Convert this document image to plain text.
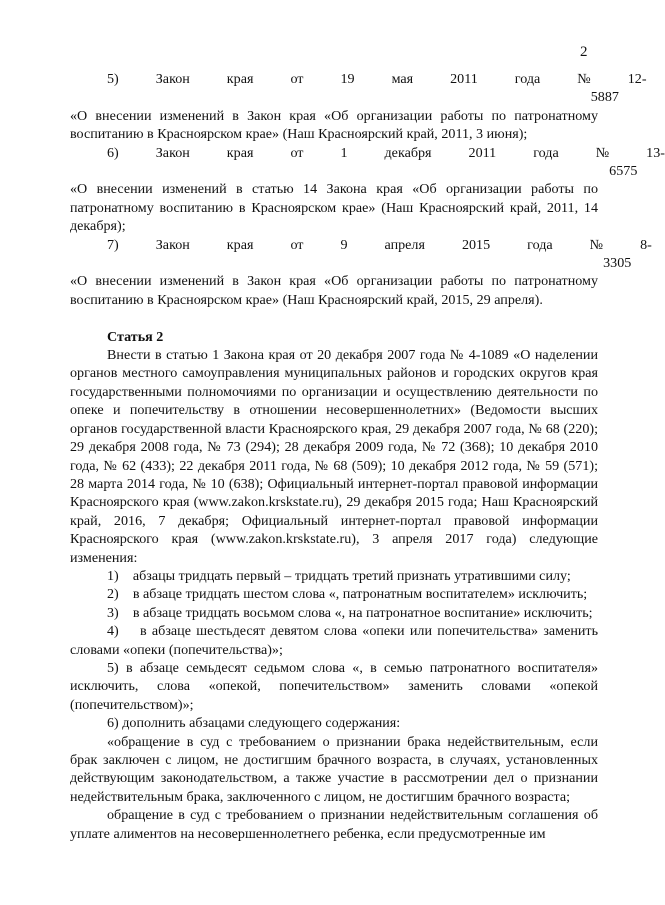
2

5)	Закон	края	от	19	мая	2011	года	№	12-5887

«О внесении изменений в Закон края «Об организации работы по патронатному воспитанию в Красноярском крае» (Наш Красноярский край, 2011, 3 июня);

6)	Закон	края	от	1	декабря	2011	года	№	13-6575

«О внесении изменений в статью 14 Закона края «Об организации работы по патронатному воспитанию в Красноярском крае» (Наш Красноярский край, 2011, 14 декабря);

7)	Закон	края	от	9	апреля	2015	года	№	8-3305

«О внесении изменений в Закон края «Об организации работы по патронатному воспитанию в Красноярском крае» (Наш Красноярский край, 2015, 29 апреля).

Статья 2

Внести в статью 1 Закона края от 20 декабря 2007 года № 4-1089 «О наделении органов местного самоуправления муниципальных районов и городских округов края государственными полномочиями по организации и осуществлению деятельности по опеке и попечительству в отношении несовершеннолетних» (Ведомости высших органов государственной власти Красноярского края, 29 декабря 2007 года, № 68 (220); 29 декабря 2008 года, № 73 (294); 28 декабря 2009 года, № 72 (368); 10 декабря 2010 года, № 62 (433); 22 декабря 2011 года, № 68 (509); 10 декабря 2012 года, № 59 (571); 28 марта 2014 года, № 10 (638); Официальный интернет-портал правовой информации Красноярского края (www.zakon.krskstate.ru), 29 декабря 2015 года; Наш Красноярский край, 2016, 7 декабря; Официальный интернет-портал правовой информации Красноярского края (www.zakon.krskstate.ru), 3 апреля 2017 года) следующие изменения:

1)    абзацы тридцать первый – тридцать третий признать утратившими силу;

2)    в абзаце тридцать шестом слова «, патронатным воспитателем» исключить;

3)    в абзаце тридцать восьмом слова «, на патронатное воспитание» исключить;

4)    в абзаце шестьдесят девятом слова «опеки или попечительства» заменить словами «опеки (попечительства)»;

5) в абзаце семьдесят седьмом слова «, в семью патронатного воспитателя» исключить, слова «опекой, попечительством» заменить словами «опекой (попечительством)»;

6) дополнить абзацами следующего содержания:

«обращение в суд с требованием о признании брака недействительным, если брак заключен с лицом, не достигшим брачного возраста, в случаях, установленных действующим законодательством, а также участие в рассмотрении дел о признании недействительным брака, заключенного с лицом, не достигшим брачного возраста;

обращение в суд с требованием о признании недействительным соглашения об уплате алиментов на несовершеннолетнего ребенка, если предусмотренные им
